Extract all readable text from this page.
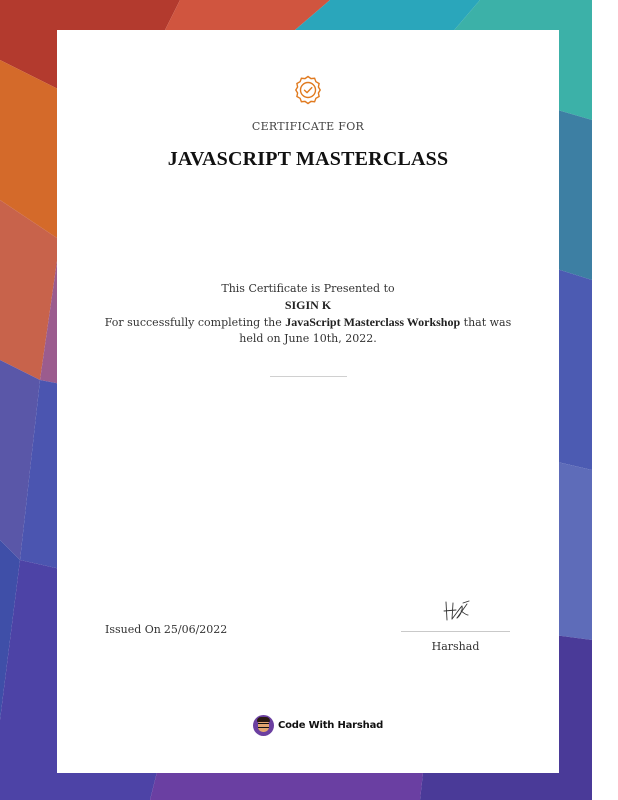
CERTIFICATE FOR
JAVASCRIPT MASTERCLASS
This Certificate is Presented to
SIGIN K
For successfully completing the JavaScript Masterclass Workshop that was held on June 10th, 2022.
Issued On 25/06/2022
Harshad
Code With Harshad
